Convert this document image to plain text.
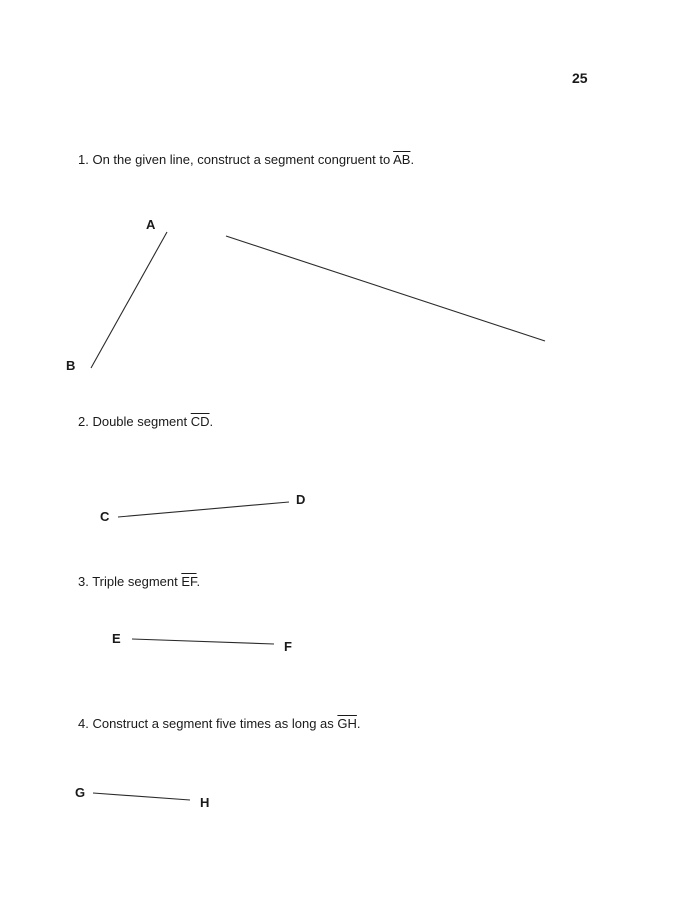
25
1. On the given line, construct a segment congruent to $\overline{AB}$.
A
B
2. Double segment $\overline{CD}$.
C
D
3. Triple segment $\overline{EF}$.
E
F
4. Construct a segment five times as long as $\overline{GH}$.
G
H
